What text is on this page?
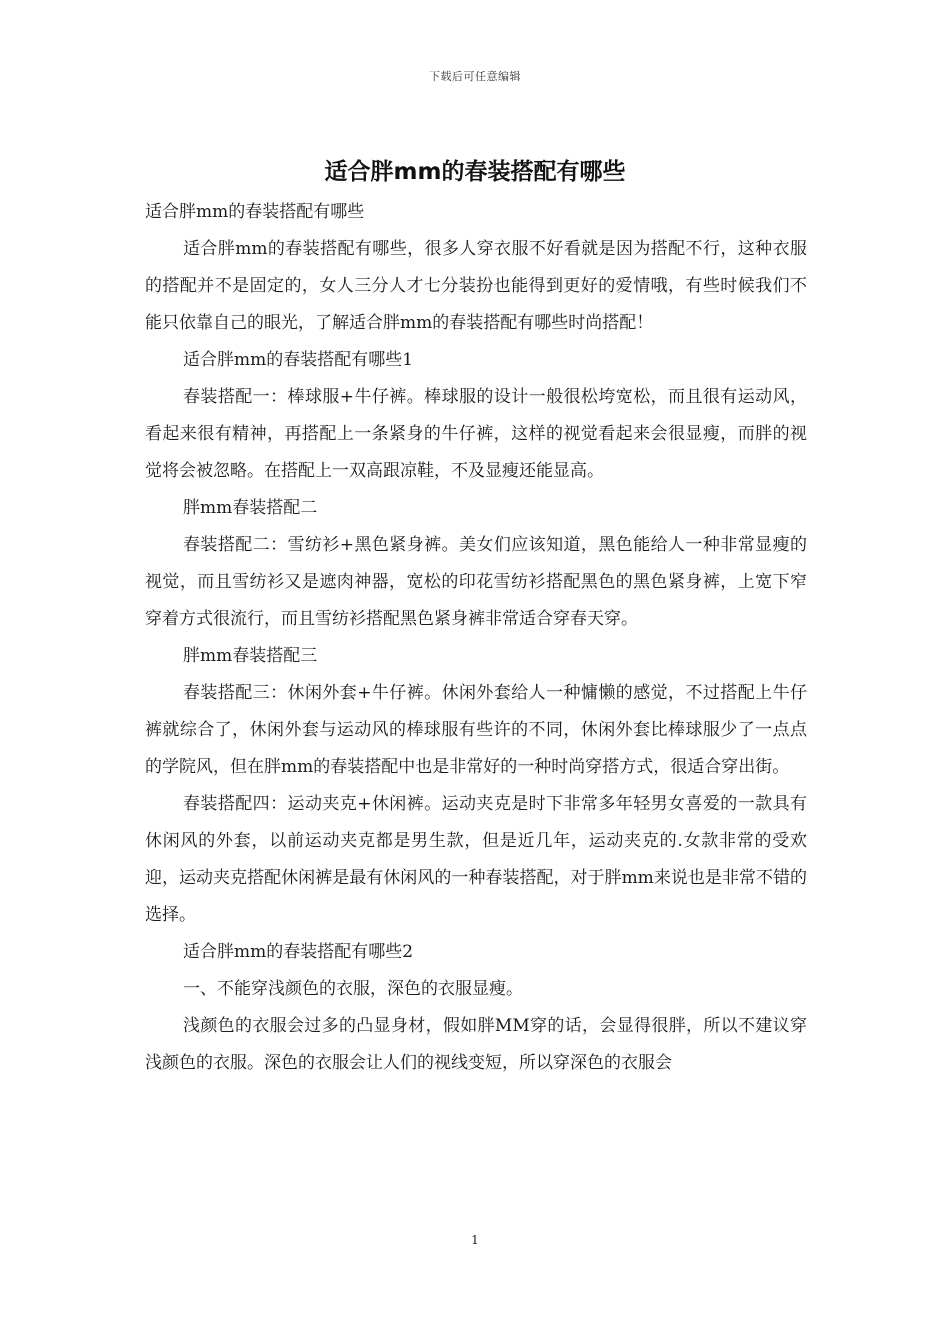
下载后可任意编辑
适合胖mm的春装搭配有哪些

适合胖mm的春装搭配有哪些

适合胖mm的春装搭配有哪些，很多人穿衣服不好看就是因为搭配不行，这种衣服的搭配并不是固定的，女人三分人才七分装扮也能得到更好的爱情哦，有些时候我们不能只依靠自己的眼光，了解适合胖mm的春装搭配有哪些时尚搭配！

适合胖mm的春装搭配有哪些1

春装搭配一：棒球服+牛仔裤。棒球服的设计一般很松垮宽松，而且很有运动风，看起来很有精神，再搭配上一条紧身的牛仔裤，这样的视觉看起来会很显瘦，而胖的视觉将会被忽略。在搭配上一双高跟凉鞋，不及显瘦还能显高。

胖mm春装搭配二

春装搭配二：雪纺衫+黑色紧身裤。美女们应该知道，黑色能给人一种非常显瘦的视觉，而且雪纺衫又是遮肉神器，宽松的印花雪纺衫搭配黑色的黑色紧身裤，上宽下窄穿着方式很流行，而且雪纺衫搭配黑色紧身裤非常适合穿春天穿。

胖mm春装搭配三

春装搭配三：休闲外套+牛仔裤。休闲外套给人一种慵懒的感觉，不过搭配上牛仔裤就综合了，休闲外套与运动风的棒球服有些许的不同，休闲外套比棒球服少了一点点的学院风，但在胖mm的春装搭配中也是非常好的一种时尚穿搭方式，很适合穿出街。

春装搭配四：运动夹克+休闲裤。运动夹克是时下非常多年轻男女喜爱的一款具有休闲风的外套，以前运动夹克都是男生款，但是近几年，运动夹克的.女款非常的受欢迎，运动夹克搭配休闲裤是最有休闲风的一种春装搭配，对于胖mm来说也是非常不错的选择。

适合胖mm的春装搭配有哪些2

一、不能穿浅颜色的衣服，深色的衣服显瘦。

浅颜色的衣服会过多的凸显身材，假如胖MM穿的话，会显得很胖，所以不建议穿浅颜色的衣服。深色的衣服会让人们的视线变短，所以穿深色的衣服会

1
